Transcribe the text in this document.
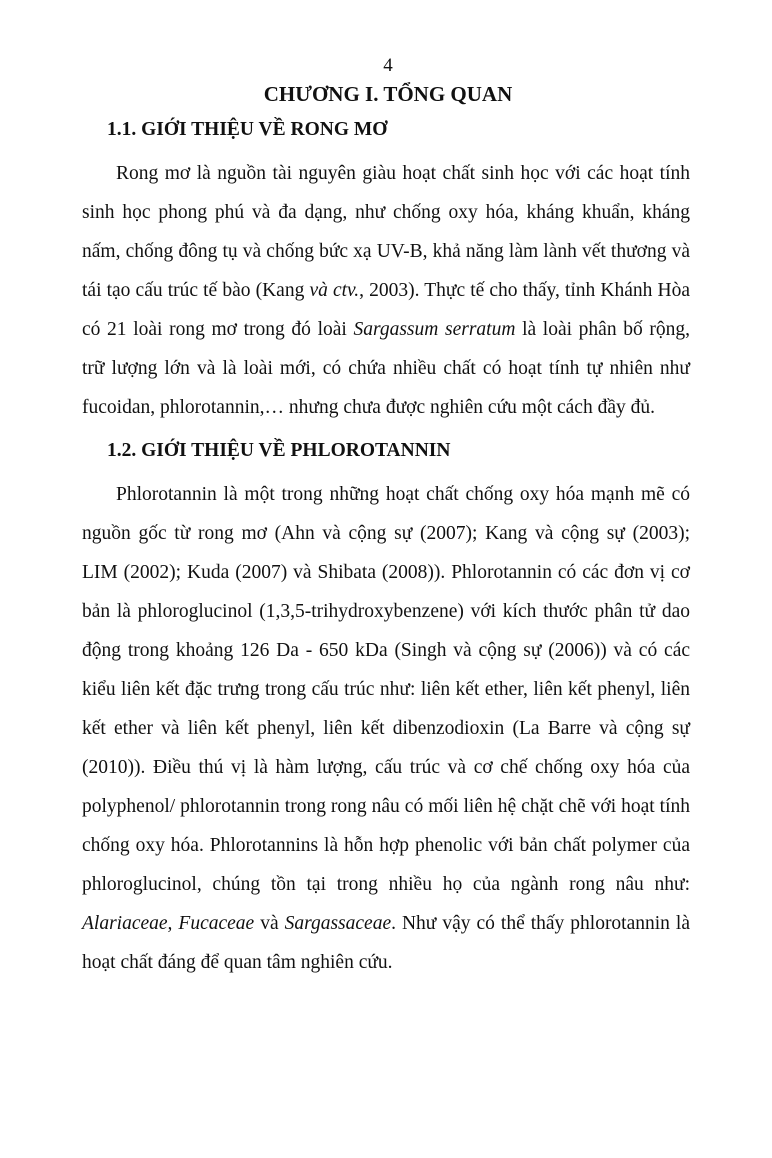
4

CHƯƠNG I. TỔNG QUAN
1.1. GIỚI THIỆU VỀ RONG MƠ

Rong mơ là nguồn tài nguyên giàu hoạt chất sinh học với các hoạt tính sinh học phong phú và đa dạng, như chống oxy hóa, kháng khuẩn, kháng nấm, chống đông tụ và chống bức xạ UV-B, khả năng làm lành vết thương và tái tạo cấu trúc tế bào (Kang và ctv., 2003). Thực tế cho thấy, tỉnh Khánh Hòa có 21 loài rong mơ trong đó loài Sargassum serratum là loài phân bố rộng, trữ lượng lớn và là loài mới, có chứa nhiều chất có hoạt tính tự nhiên như fucoidan, phlorotannin,… nhưng chưa được nghiên cứu một cách đầy đủ.

1.2. GIỚI THIỆU VỀ PHLOROTANNIN

Phlorotannin là một trong những hoạt chất chống oxy hóa mạnh mẽ có nguồn gốc từ rong mơ (Ahn và cộng sự (2007); Kang và cộng sự (2003); LIM (2002); Kuda (2007) và Shibata (2008)). Phlorotannin có các đơn vị cơ bản là phloroglucinol (1,3,5-trihydroxybenzene) với kích thước phân tử dao động trong khoảng 126 Da - 650 kDa (Singh và cộng sự (2006)) và có các kiểu liên kết đặc trưng trong cấu trúc như: liên kết ether, liên kết phenyl, liên kết ether và liên kết phenyl, liên kết dibenzodioxin (La Barre và cộng sự (2010)). Điều thú vị là hàm lượng, cấu trúc và cơ chế chống oxy hóa của polyphenol/ phlorotannin trong rong nâu có mối liên hệ chặt chẽ với hoạt tính chống oxy hóa. Phlorotannins là hỗn hợp phenolic với bản chất polymer của phloroglucinol, chúng tồn tại trong nhiều họ của ngành rong nâu như: Alariaceae, Fucaceae và Sargassaceae. Như vậy có thể thấy phlorotannin là hoạt chất đáng để quan tâm nghiên cứu.
